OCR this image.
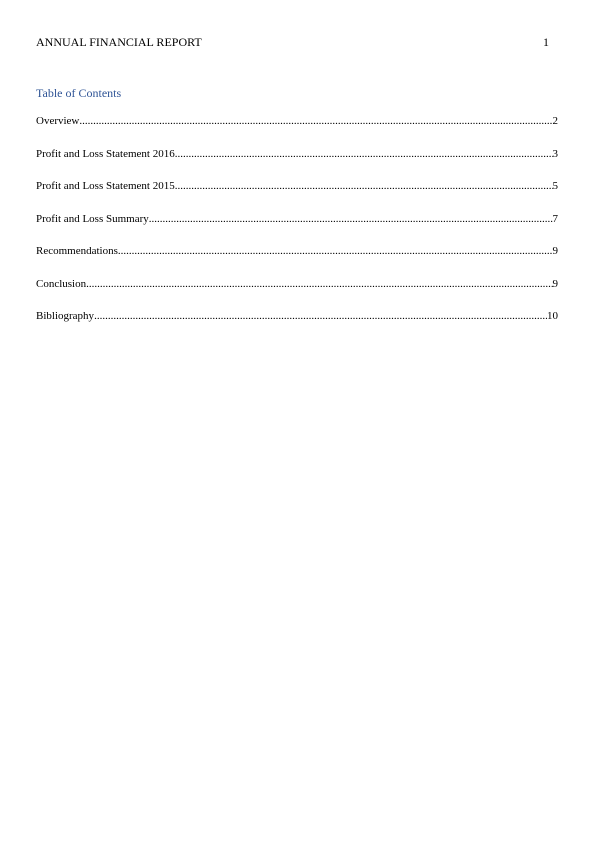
ANNUAL FINANCIAL REPORT	1
Table of Contents
Overview .....	2
Profit and Loss Statement 2016 .....	3
Profit and Loss Statement 2015 .....	5
Profit and Loss Summary .....	7
Recommendations .....	9
Conclusion .....	9
Bibliography .....	10
